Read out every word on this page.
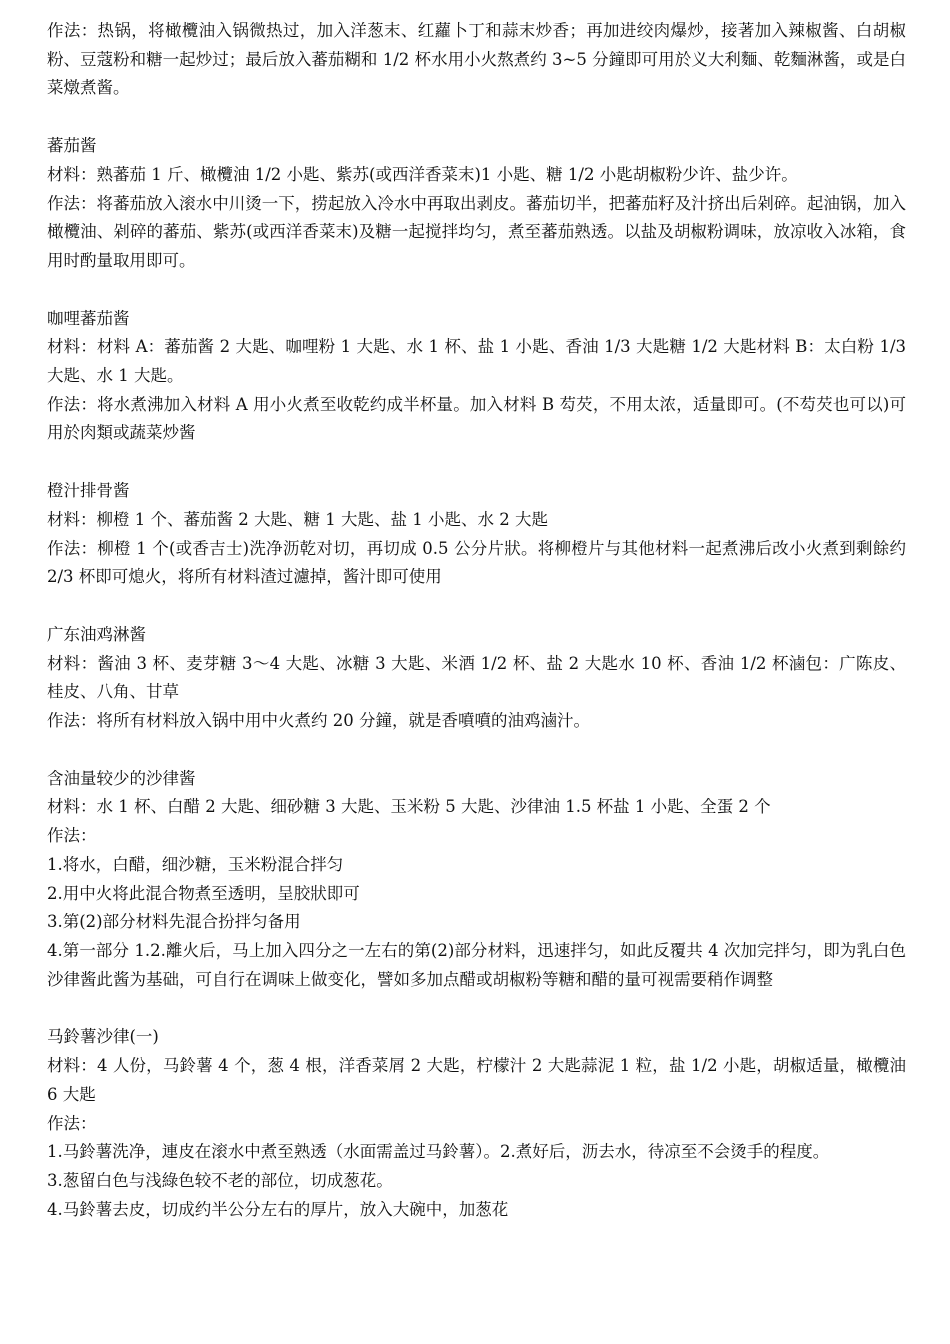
作法：热锅，将橄欖油入锅微热过，加入洋葱末、红蘿卜丁和蒜末炒香；再加进绞肉爆炒，接著加入辣椒酱、白胡椒粉、豆蔻粉和糖一起炒过；最后放入蕃茄糊和 1/2 杯水用小火熬煮约 3~5 分鐘即可用於义大利麵、乾麵淋酱，或是白菜燉煮酱。

蕃茄酱

材料：熟蕃茄 1 斤、橄欖油 1/2 小匙、紫苏(或西洋香菜末)1 小匙、糖 1/2 小匙胡椒粉少许、盐少许。

作法：将蕃茄放入滚水中川烫一下，捞起放入冷水中再取出剥皮。蕃茄切半，把蕃茄籽及汁挤出后剁碎。起油锅，加入橄欖油、剁碎的蕃茄、紫苏(或西洋香菜末)及糖一起搅拌均匀，煮至蕃茄熟透。以盐及胡椒粉调味，放凉收入冰箱，食用时酌量取用即可。

咖哩蕃茄酱

材料：材料 A：蕃茄酱 2 大匙、咖哩粉 1 大匙、水 1 杯、盐 1 小匙、香油 1/3 大匙糖 1/2 大匙材料 B：太白粉 1/3 大匙、水 1 大匙。

作法：将水煮沸加入材料 A 用小火煮至收乾约成半杯量。加入材料 B 芶芡，不用太浓，适量即可。(不芶芡也可以)可用於肉類或蔬菜炒酱

橙汁排骨酱

材料：柳橙 1 个、蕃茄酱 2 大匙、糖 1 大匙、盐 1 小匙、水 2 大匙

作法：柳橙 1 个(或香吉士)洗净沥乾对切，再切成 0.5 公分片狀。将柳橙片与其他材料一起煮沸后改小火煮到剩餘约 2/3 杯即可熄火，将所有材料渣过濾掉，酱汁即可使用

广东油鸡淋酱

材料：酱油 3 杯、麦芽糖 3～4 大匙、冰糖 3 大匙、米酒 1/2 杯、盐 2 大匙水 10 杯、香油 1/2 杯滷包：广陈皮、桂皮、八角、甘草

作法：将所有材料放入锅中用中火煮约 20 分鐘，就是香噴噴的油鸡滷汁。

含油量较少的沙律酱

材料：水 1 杯、白醋 2 大匙、细砂糖 3 大匙、玉米粉 5 大匙、沙律油 1.5 杯盐 1 小匙、全蛋 2 个

作法：

1.将水，白醋，细沙糖，玉米粉混合拌匀

2.用中火将此混合物煮至透明，呈胶狀即可

3.第(2)部分材料先混合扮拌匀备用

4.第一部分 1.2.離火后，马上加入四分之一左右的第(2)部分材料，迅速拌匀，如此反覆共 4 次加完拌匀，即为乳白色沙律酱此酱为基础，可自行在调味上做变化，譬如多加点醋或胡椒粉等糖和醋的量可视需要稍作调整

马鈴薯沙律(一)

材料：4 人份，马鈴薯 4 个，葱 4 根，洋香菜屑 2 大匙，柠檬汁 2 大匙蒜泥 1 粒，盐 1/2 小匙，胡椒适量，橄欖油 6 大匙

作法：

1.马鈴薯洗净，連皮在滚水中煮至熟透（水面需盖过马鈴薯）。2.煮好后，沥去水，待凉至不会烫手的程度。

3.葱留白色与浅綠色较不老的部位，切成葱花。

4.马鈴薯去皮，切成约半公分左右的厚片，放入大碗中，加葱花
